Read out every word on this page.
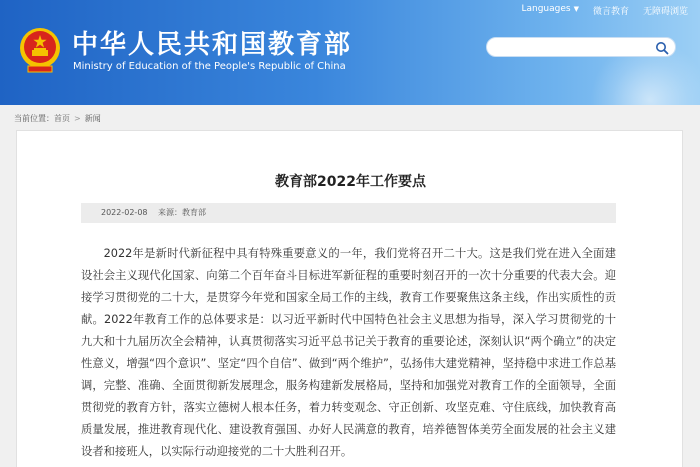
中华人民共和国教育部
Ministry of Education of the People's Republic of China
Languages ▼ 微言教育 无障碍浏览
当前位置：首页 > 新闻
教育部2022年工作要点
2022-02-08 来源：教育部

2022年是新时代新征程中具有特殊重要意义的一年，我们党将召开二十大。这是我们党在进入全面建设社会主义现代化国家、向第二个百年奋斗目标进军新征程的重要时刻召开的一次十分重要的代表大会。迎接学习贯彻党的二十大，是贯穿今年党和国家全局工作的主线，教育工作要聚焦这条主线，作出实质性的贡献。2022年教育工作的总体要求是：以习近平新时代中国特色社会主义思想为指导，深入学习贯彻党的十九大和十九届历次全会精神，认真贯彻落实习近平总书记关于教育的重要论述，深刻认识“两个确立”的决定性意义，增强“四个意识”、坚定“四个自信”、做到“两个维护”，弘扬伟大建党精神，坚持稳中求进工作总基调，完整、准确、全面贯彻新发展理念，服务构建新发展格局，坚持和加强党对教育工作的全面领导，全面贯彻党的教育方针，落实立德树人根本任务，着力转变观念、守正创新、攻坚克难、守住底线，加快教育高质量发展，推进教育现代化、建设教育强国、办好人民满意的教育，培养德智体美劳全面发展的社会主义建设者和接班人，以实际行动迎接党的二十大胜利召开。
